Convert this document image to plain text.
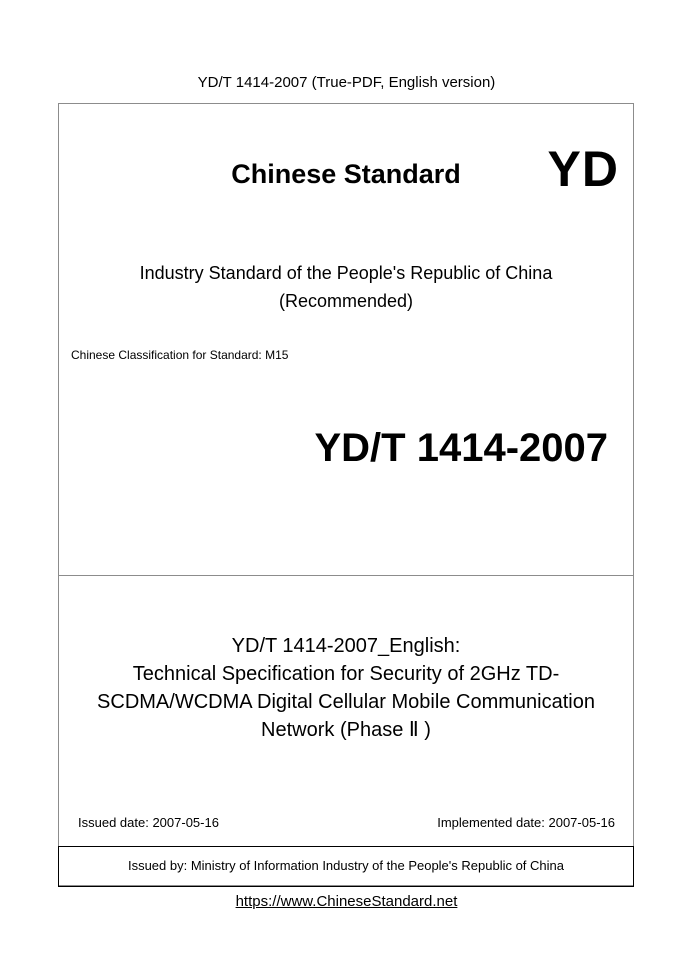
YD/T 1414-2007 (True-PDF, English version)
Chinese Standard	YD
Industry Standard of the People's Republic of China
(Recommended)
Chinese Classification for Standard: M15
YD/T 1414-2007
YD/T 1414-2007_English:
Technical Specification for Security of 2GHz TD-
SCDMA/WCDMA Digital Cellular Mobile Communication
Network (Phase Ⅱ )
Issued date: 2007-05-16	Implemented date: 2007-05-16
Issued by: Ministry of Information Industry of the People's Republic of China
https://www.ChineseStandard.net
